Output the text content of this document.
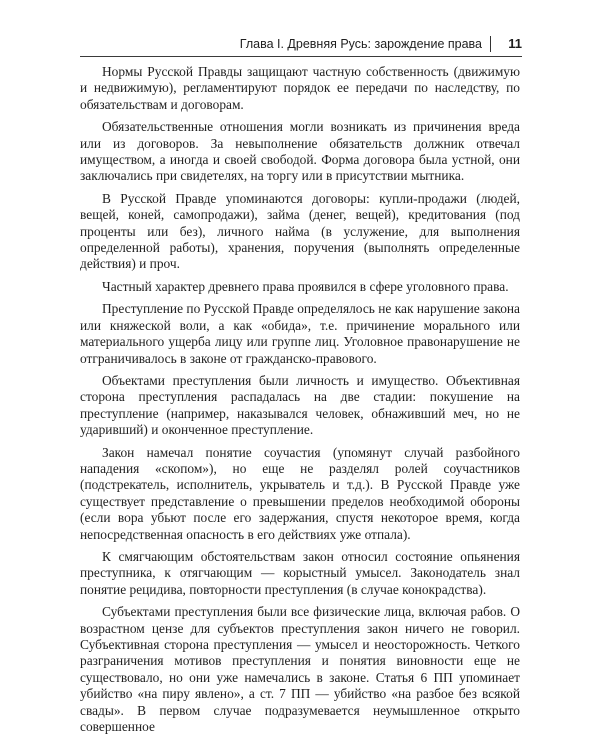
Глава I. Древняя Русь: зарождение права 11

Нормы Русской Правды защищают частную собственность (движимую и недвижимую), регламентируют порядок ее передачи по наследству, по обязательствам и договорам.

Обязательственные отношения могли возникать из причинения вреда или из договоров. За невыполнение обязательств должник отвечал имуществом, а иногда и своей свободой. Форма договора была устной, они заключались при свидетелях, на торгу или в присутствии мытника.

В Русской Правде упоминаются договоры: купли-продажи (людей, вещей, коней, самопродажи), займа (денег, вещей), кредитования (под проценты или без), личного найма (в услужение, для выполнения определенной работы), хранения, поручения (выполнять определенные действия) и проч.

Частный характер древнего права проявился в сфере уголовного права.

Преступление по Русской Правде определялось не как нарушение закона или княжеской воли, а как «обида», т.е. причинение морального или материального ущерба лицу или группе лиц. Уголовное правонарушение не отграничивалось в законе от гражданско-правового.

Объектами преступления были личность и имущество. Объективная сторона преступления распадалась на две стадии: покушение на преступление (например, наказывался человек, обнаживший меч, но не ударивший) и оконченное преступление.

Закон намечал понятие соучастия (упомянут случай разбойного нападения «скопом»), но еще не разделял ролей соучастников (подстрекатель, исполнитель, укрыватель и т.д.). В Русской Правде уже существует представление о превышении пределов необходимой обороны (если вора убьют после его задержания, спустя некоторое время, когда непосредственная опасность в его действиях уже отпала).

К смягчающим обстоятельствам закон относил состояние опьянения преступника, к отягчающим — корыстный умысел. Законодатель знал понятие рецидива, повторности преступления (в случае конокрадства).

Субъектами преступления были все физические лица, включая рабов. О возрастном цензе для субъектов преступления закон ничего не говорил. Субъективная сторона преступления — умысел и неосторожность. Четкого разграничения мотивов преступления и понятия виновности еще не существовало, но они уже намечались в законе. Статья 6 ПП упоминает убийство «на пиру явлено», а ст. 7 ПП — убийство «на разбое без всякой свады». В первом случае подразумевается неумышленное открыто совершенное
